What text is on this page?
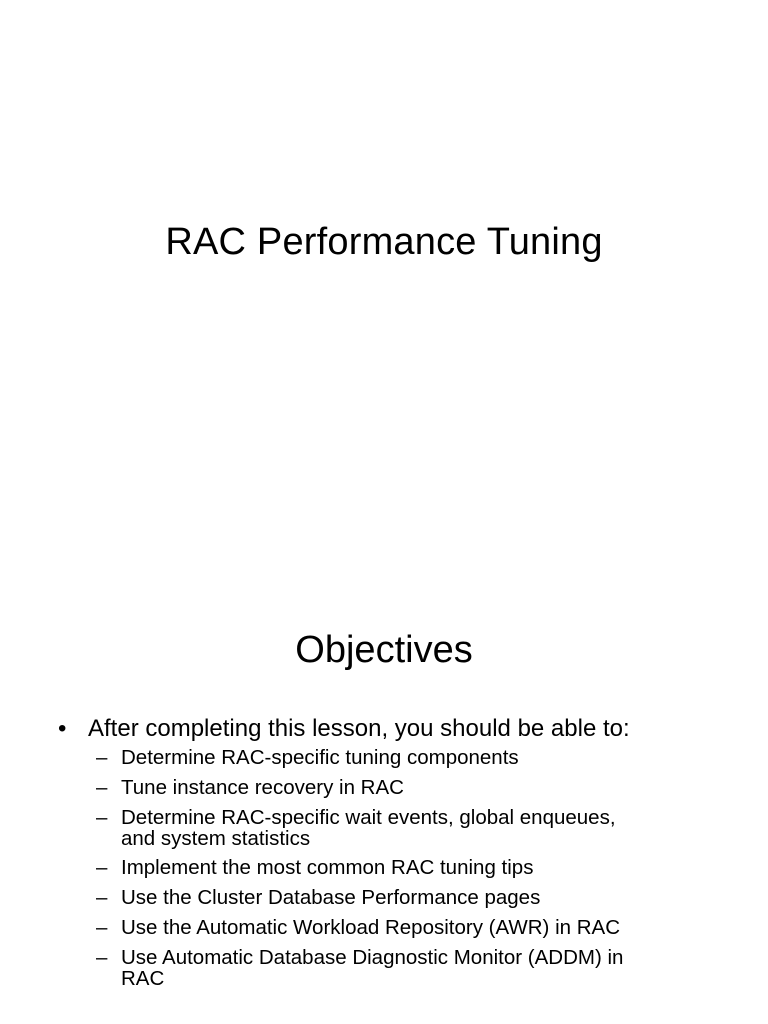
RAC Performance Tuning
Objectives
• After completing this lesson, you should be able to:
– Determine RAC-specific tuning components
– Tune instance recovery in RAC
– Determine RAC-specific wait events, global enqueues,
and system statistics
– Implement the most common RAC tuning tips
– Use the Cluster Database Performance pages
– Use the Automatic Workload Repository (AWR) in RAC
– Use Automatic Database Diagnostic Monitor (ADDM) in
RAC
